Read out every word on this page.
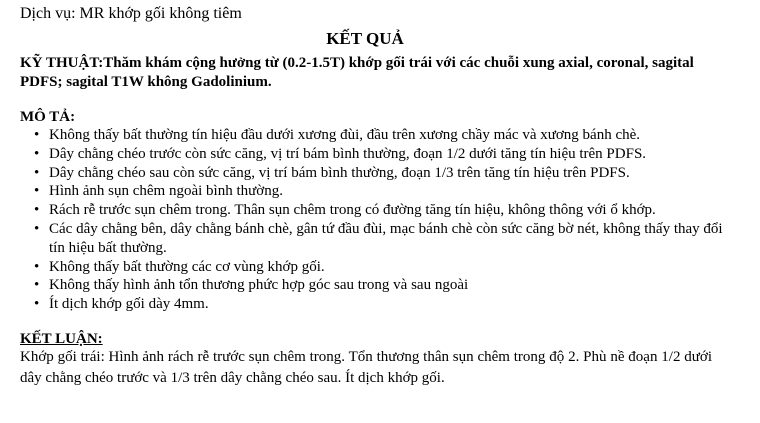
Dịch vụ: MR khớp gối không tiêm
KẾT QUẢ
KỸ THUẬT:Thăm khám cộng hưởng từ (0.2-1.5T) khớp gối trái với các chuỗi xung axial, coronal, sagital PDFS; sagital T1W không Gadolinium.
MÔ TẢ:
• Không thấy bất thường tín hiệu đầu dưới xương đùi, đầu trên xương chầy mác và xương bánh chè.
• Dây chằng chéo trước còn sức căng, vị trí bám bình thường, đoạn 1/2 dưới tăng tín hiệu trên PDFS.
• Dây chằng chéo sau còn sức căng, vị trí bám bình thường, đoạn 1/3 trên tăng tín hiệu trên PDFS.
• Hình ảnh sụn chêm ngoài bình thường.
• Rách rễ trước sụn chêm trong. Thân sụn chêm trong có đường tăng tín hiệu, không thông với ổ khớp.
• Các dây chằng bên, dây chằng bánh chè, gân tứ đầu đùi, mạc bánh chè còn sức căng bờ nét, không thấy thay đổi tín hiệu bất thường.
• Không thấy bất thường các cơ vùng khớp gối.
• Không thấy hình ảnh tổn thương phức hợp góc sau trong và sau ngoài
• Ít dịch khớp gối dày 4mm.
KẾT LUẬN:
Khớp gối trái: Hình ảnh rách rễ trước sụn chêm trong. Tổn thương thân sụn chêm trong độ 2. Phù nề đoạn 1/2 dưới dây chằng chéo trước và 1/3 trên dây chằng chéo sau. Ít dịch khớp gối.
